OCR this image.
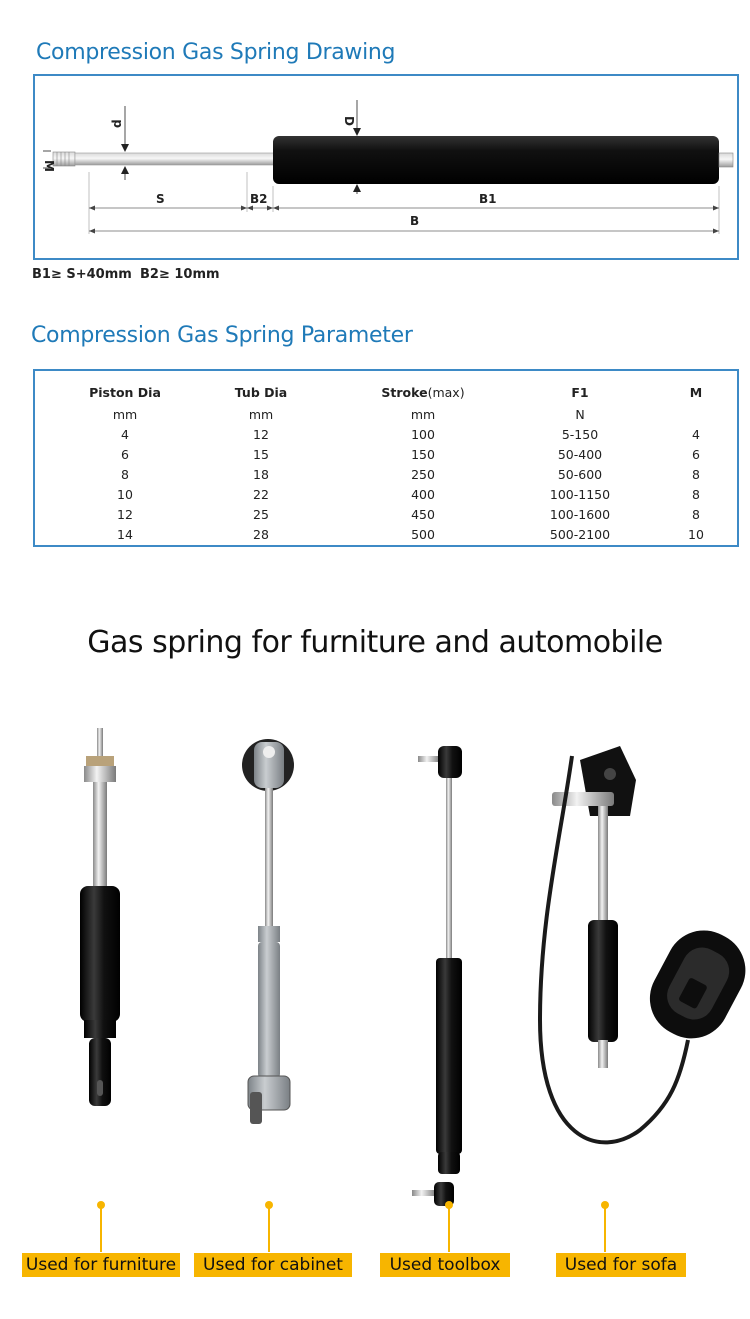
Compression Gas Spring Drawing
d	D
M
S	B2	B1
B
B1≥ S+40mm B2≥ 10mm
Compression Gas Spring Parameter
Piston Dia	Tub Dia	Stroke(max)	F1	M
mm	mm	mm	N	
4	12	100	5-150	4
6	15	150	50-400	6
8	18	250	50-600	8
10	22	400	100-1150	8
12	25	450	100-1600	8
14	28	500	500-2100	10
Gas spring for furniture and automobile
Used for furniture	Used for cabinet	Used toolbox	Used for sofa
